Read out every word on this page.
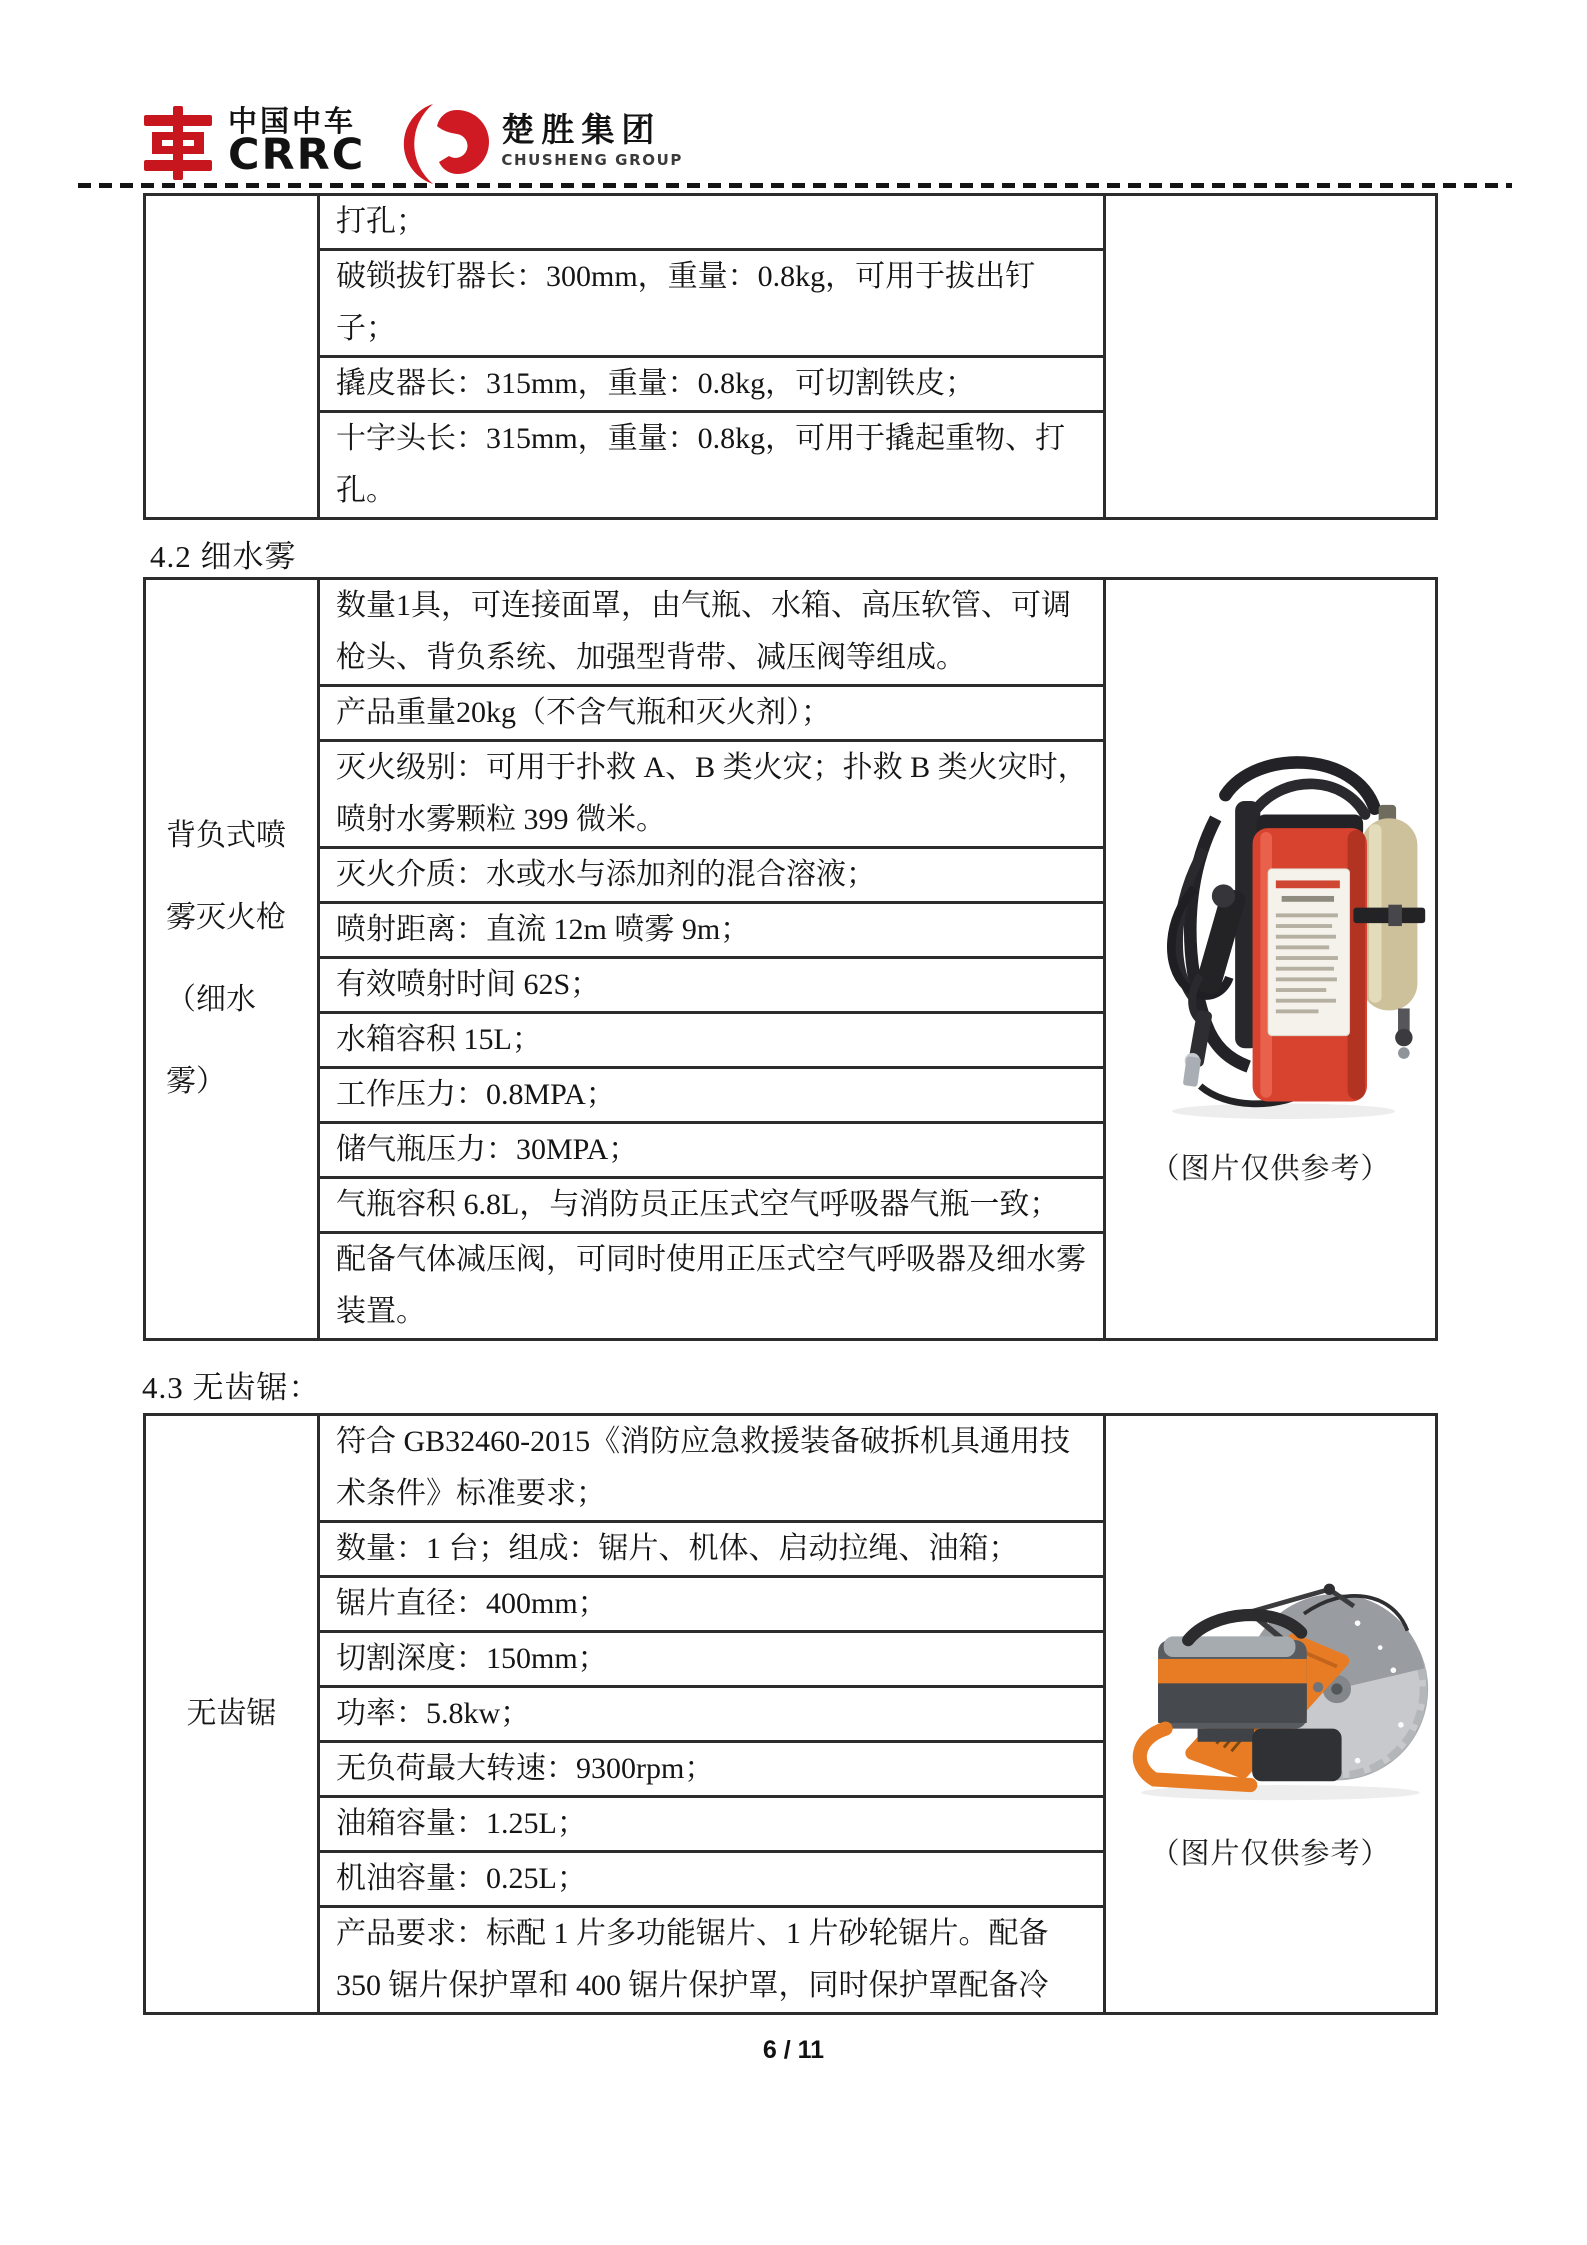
中国中车
CRRC
楚胜集团
CHUSHENG GROUP
	打孔；	
破锁拔钉器长：300mm，重量：0.8kg，可用于拔出钉子；
撬皮器长：315mm，重量：0.8kg，可切割铁皮；
十字头长：315mm，重量：0.8kg，可用于撬起重物、打孔。
4.2 细水雾
背负式喷雾灭火枪（细水雾）	数量1具，可连接面罩，由气瓶、水箱、高压软管、可调枪头、背负系统、加强型背带、减压阀等组成。	
（图片仅供参考）

产品重量20kg（不含气瓶和灭火剂）；
灭火级别：可用于扑救 A、B 类火灾；扑救 B 类火灾时，喷射水雾颗粒 399 微米。
灭火介质：水或水与添加剂的混合溶液；
喷射距离：直流 12m 喷雾 9m；
有效喷射时间 62S；
水箱容积 15L；
工作压力：0.8MPA；
储气瓶压力：30MPA；
气瓶容积 6.8L，与消防员正压式空气呼吸器气瓶一致；
配备气体减压阀，可同时使用正压式空气呼吸器及细水雾装置。
4.3 无齿锯：
无齿锯	符合 GB32460-2015《消防应急救援装备破拆机具通用技术条件》标准要求；	
（图片仅供参考）

数量：1 台；组成：锯片、机体、启动拉绳、油箱；
锯片直径：400mm；
切割深度：150mm；
功率：5.8kw；
无负荷最大转速：9300rpm；
油箱容量：1.25L；
机油容量：0.25L；
产品要求：标配 1 片多功能锯片、1 片砂轮锯片。配备 350 锯片保护罩和 400 锯片保护罩，同时保护罩配备冷
6 / 11
